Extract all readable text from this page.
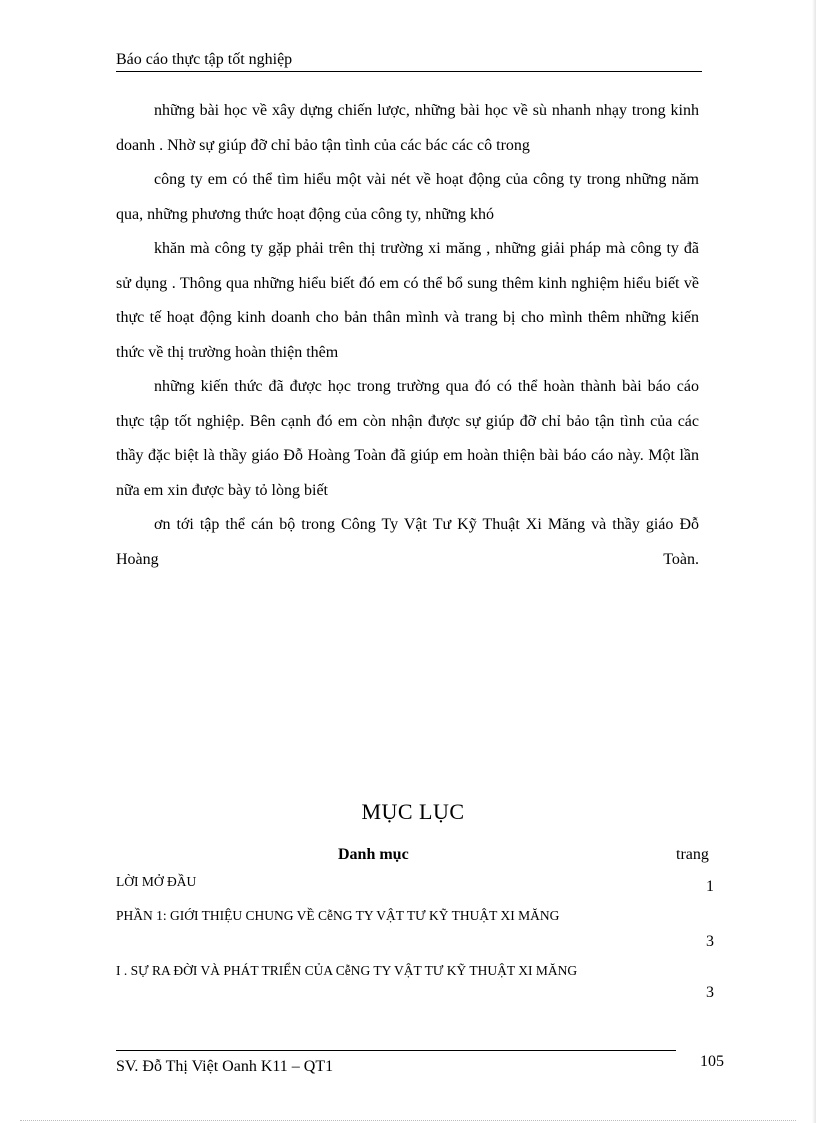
Báo cáo thực tập tốt nghiệp

những bài học về xây dựng chiến lược, những bài học về sù nhanh nhạy trong kinh doanh . Nhờ sự giúp đỡ chỉ bảo tận tình của các bác các cô trong

công ty em có thể tìm hiểu một vài nét về hoạt động của công ty trong những năm qua, những phương thức hoạt động của công ty, những khó

khăn mà công ty gặp phải trên thị trường xi măng , những giải pháp mà công ty đã sử dụng . Thông qua những hiểu biết đó em có thể bổ sung thêm kinh nghiệm hiểu biết về thực tế hoạt động kinh doanh cho bản thân mình và trang bị cho mình thêm những kiến thức về thị trường hoàn thiện thêm

những kiến thức đã được học trong trường qua đó có thể hoàn thành bài báo cáo thực tập tốt nghiệp. Bên cạnh đó em còn nhận được sự giúp đỡ chỉ bảo tận tình của các thầy đặc biệt là thầy giáo Đỗ Hoàng Toàn đã giúp em hoàn thiện bài báo cáo này. Một lần nữa em xin được bày tỏ lòng biết

ơn tới tập thể cán bộ trong Công Ty Vật Tư Kỹ Thuật Xi Măng và thầy giáo Đỗ Hoàng Toàn.

MỤC LỤC
Danh mục	trang
LỜI MỞ ĐẦU	1
PHẦN 1: GIỚI THIỆU CHUNG VỀ CễNG TY VẬT TƯ KỸ THUẬT XI MĂNG
3
I . SỰ RA ĐỜI VÀ PHÁT TRIỂN CỦA CễNG TY VẬT TƯ KỸ THUẬT XI MĂNG
3
SV. Đỗ Thị Việt Oanh K11 – QT1	105
